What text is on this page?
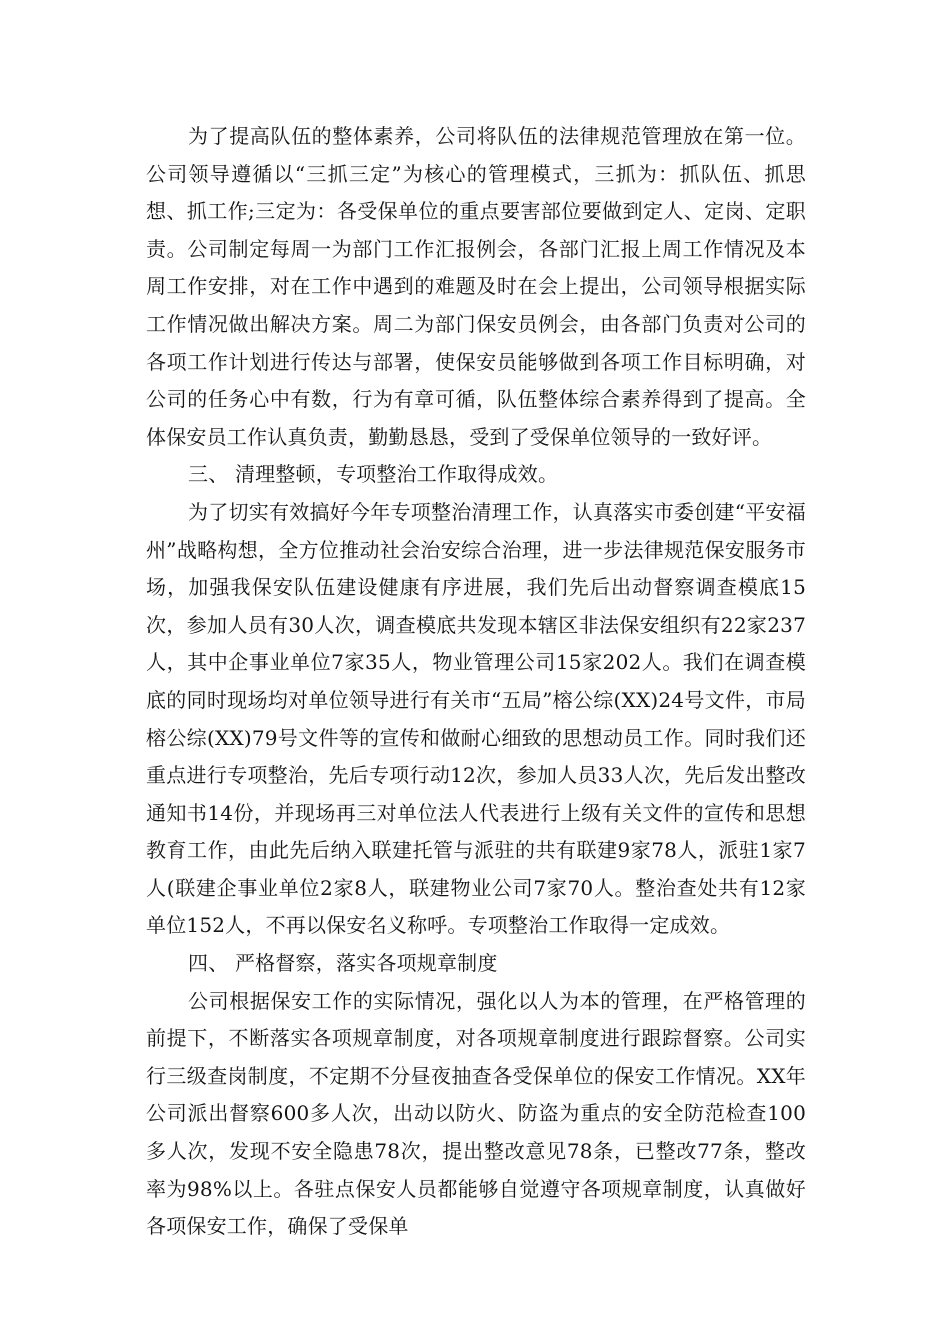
为了提高队伍的整体素养，公司将队伍的法律规范管理放在第一位。公司领导遵循以“三抓三定”为核心的管理模式，三抓为：抓队伍、抓思想、抓工作;三定为：各受保单位的重点要害部位要做到定人、定岗、定职责。公司制定每周一为部门工作汇报例会，各部门汇报上周工作情况及本周工作安排，对在工作中遇到的难题及时在会上提出，公司领导根据实际工作情况做出解决方案。周二为部门保安员例会，由各部门负责对公司的各项工作计划进行传达与部署，使保安员能够做到各项工作目标明确，对公司的任务心中有数，行为有章可循，队伍整体综合素养得到了提高。全体保安员工作认真负责，勤勤恳恳，受到了受保单位领导的一致好评。

三、 清理整顿，专项整治工作取得成效。

为了切实有效搞好今年专项整治清理工作，认真落实市委创建“平安福州”战略构想，全方位推动社会治安综合治理，进一步法律规范保安服务市场，加强我保安队伍建设健康有序进展，我们先后出动督察调查模底15次，参加人员有30人次，调查模底共发现本辖区非法保安组织有22家237人，其中企事业单位7家35人，物业管理公司15家202人。我们在调查模底的同时现场均对单位领导进行有关市“五局”榕公综(XX)24号文件，市局榕公综(XX)79号文件等的宣传和做耐心细致的思想动员工作。同时我们还重点进行专项整治，先后专项行动12次，参加人员33人次，先后发出整改通知书14份，并现场再三对单位法人代表进行上级有关文件的宣传和思想教育工作，由此先后纳入联建托管与派驻的共有联建9家78人，派驻1家7人(联建企事业单位2家8人，联建物业公司7家70人。整治查处共有12家单位152人，不再以保安名义称呼。专项整治工作取得一定成效。

四、 严格督察，落实各项规章制度

公司根据保安工作的实际情况，强化以人为本的管理，在严格管理的前提下，不断落实各项规章制度，对各项规章制度进行跟踪督察。公司实行三级查岗制度，不定期不分昼夜抽查各受保单位的保安工作情况。XX年公司派出督察600多人次，出动以防火、防盗为重点的安全防范检查100多人次，发现不安全隐患78次，提出整改意见78条，已整改77条，整改率为98%以上。各驻点保安人员都能够自觉遵守各项规章制度，认真做好各项保安工作，确保了受保单
